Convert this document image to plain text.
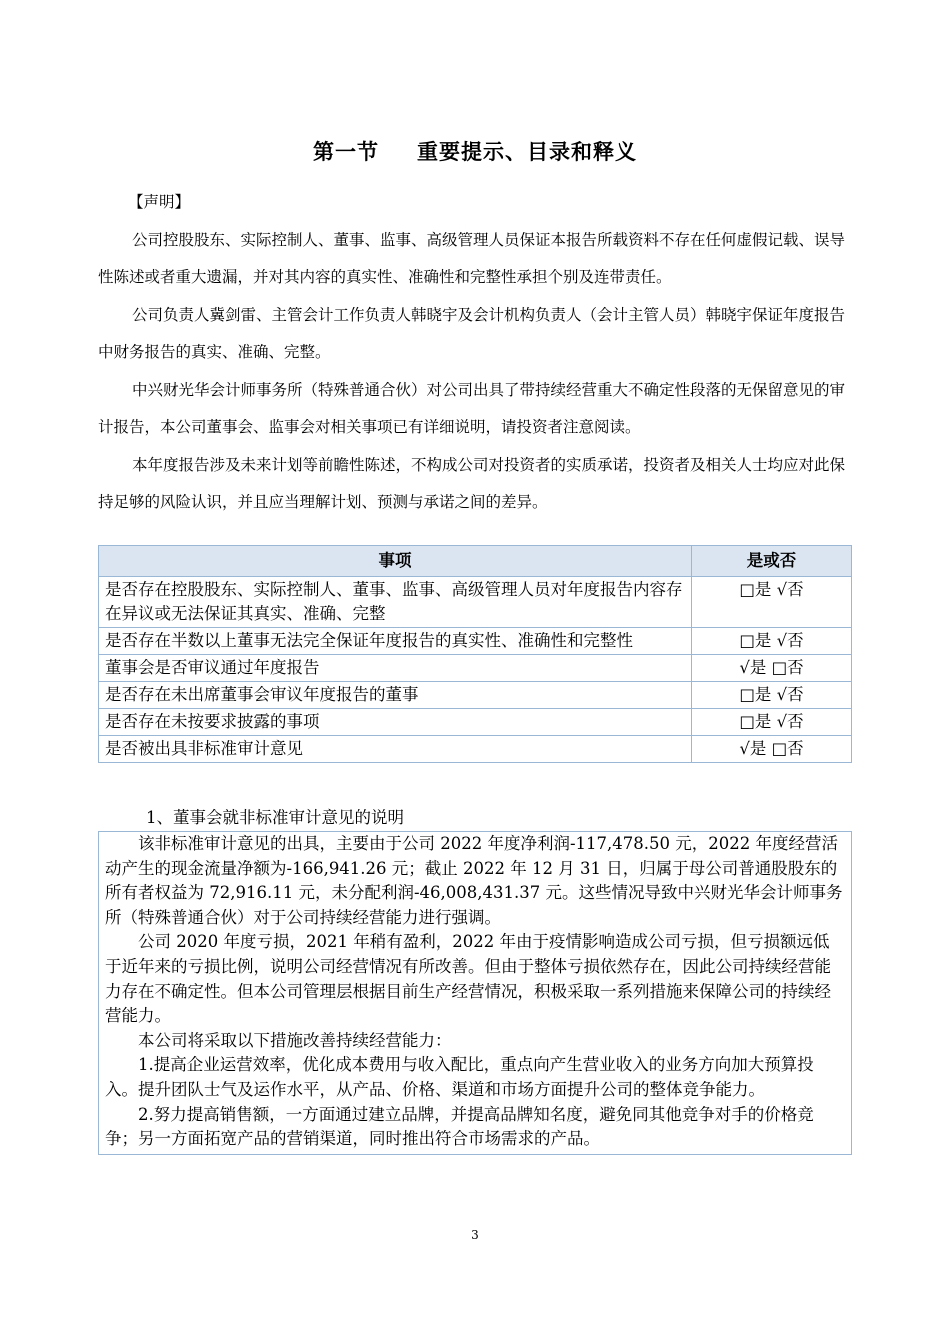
第一节 重要提示、目录和释义

【声明】

公司控股股东、实际控制人、董事、监事、高级管理人员保证本报告所载资料不存在任何虚假记载、误导性陈述或者重大遗漏，并对其内容的真实性、准确性和完整性承担个别及连带责任。

公司负责人冀剑雷、主管会计工作负责人韩晓宇及会计机构负责人（会计主管人员）韩晓宇保证年度报告中财务报告的真实、准确、完整。

中兴财光华会计师事务所（特殊普通合伙）对公司出具了带持续经营重大不确定性段落的无保留意见的审计报告，本公司董事会、监事会对相关事项已有详细说明，请投资者注意阅读。

本年度报告涉及未来计划等前瞻性陈述，不构成公司对投资者的实质承诺，投资者及相关人士均应对此保持足够的风险认识，并且应当理解计划、预测与承诺之间的差异。

事项	是或否
是否存在控股股东、实际控制人、董事、监事、高级管理人员对年度报告内容存在异议或无法保证其真实、准确、完整	□是 √否
是否存在半数以上董事无法完全保证年度报告的真实性、准确性和完整性	□是 √否
董事会是否审议通过年度报告	√是 □否
是否存在未出席董事会审议年度报告的董事	□是 √否
是否存在未按要求披露的事项	□是 √否
是否被出具非标准审计意见	√是 □否
1、董事会就非标准审计意见的说明

该非标准审计意见的出具，主要由于公司 2022 年度净利润-117,478.50 元，2022 年度经营活动产生的现金流量净额为-166,941.26 元；截止 2022 年 12 月 31 日，归属于母公司普通股股东的所有者权益为 72,916.11 元，未分配利润-46,008,431.37 元。这些情况导致中兴财光华会计师事务所（特殊普通合伙）对于公司持续经营能力进行强调。

公司 2020 年度亏损，2021 年稍有盈利，2022 年由于疫情影响造成公司亏损，但亏损额远低于近年来的亏损比例，说明公司经营情况有所改善。但由于整体亏损依然存在，因此公司持续经营能力存在不确定性。但本公司管理层根据目前生产经营情况，积极采取一系列措施来保障公司的持续经营能力。

本公司将采取以下措施改善持续经营能力：

1.提高企业运营效率，优化成本费用与收入配比，重点向产生营业收入的业务方向加大预算投入。提升团队士气及运作水平，从产品、价格、渠道和市场方面提升公司的整体竞争能力。

2.努力提高销售额，一方面通过建立品牌，并提高品牌知名度，避免同其他竞争对手的价格竞争；另一方面拓宽产品的营销渠道，同时推出符合市场需求的产品。

3
